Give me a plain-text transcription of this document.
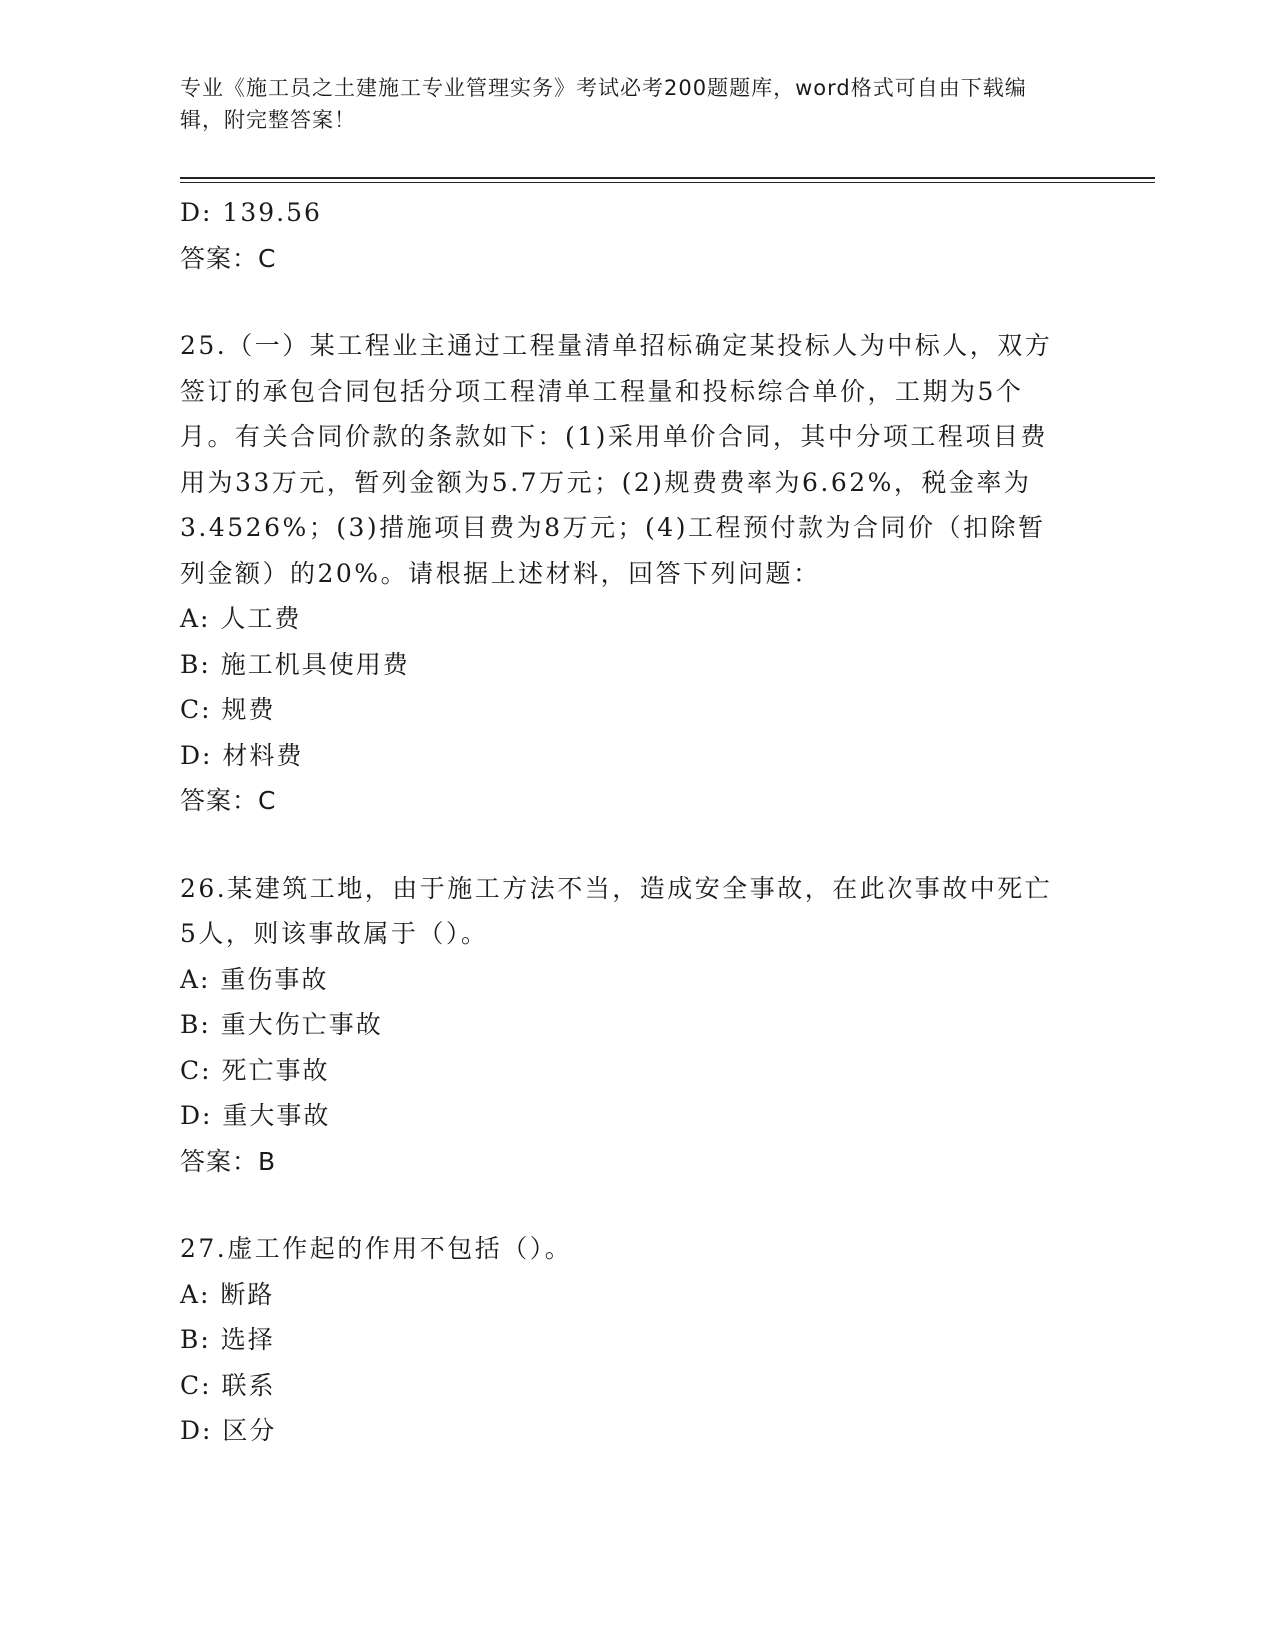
专业《施工员之土建施工专业管理实务》考试必考200题题库，word格式可自由下载编辑，附完整答案！
D: 139.56
答案：C
25.（一）某工程业主通过工程量清单招标确定某投标人为中标人，双方签订的承包合同包括分项工程清单工程量和投标综合单价，工期为5个月。有关合同价款的条款如下：(1)采用单价合同，其中分项工程项目费用为33万元，暂列金额为5.7万元；(2)规费费率为6.62%，税金率为3.4526%；(3)措施项目费为8万元；(4)工程预付款为合同价（扣除暂列金额）的20%。请根据上述材料，回答下列问题：
A: 人工费
B: 施工机具使用费
C: 规费
D: 材料费
答案：C
26.某建筑工地，由于施工方法不当，造成安全事故，在此次事故中死亡5人，则该事故属于（）。
A: 重伤事故
B: 重大伤亡事故
C: 死亡事故
D: 重大事故
答案：B
27.虚工作起的作用不包括（）。
A: 断路
B: 选择
C: 联系
D: 区分
